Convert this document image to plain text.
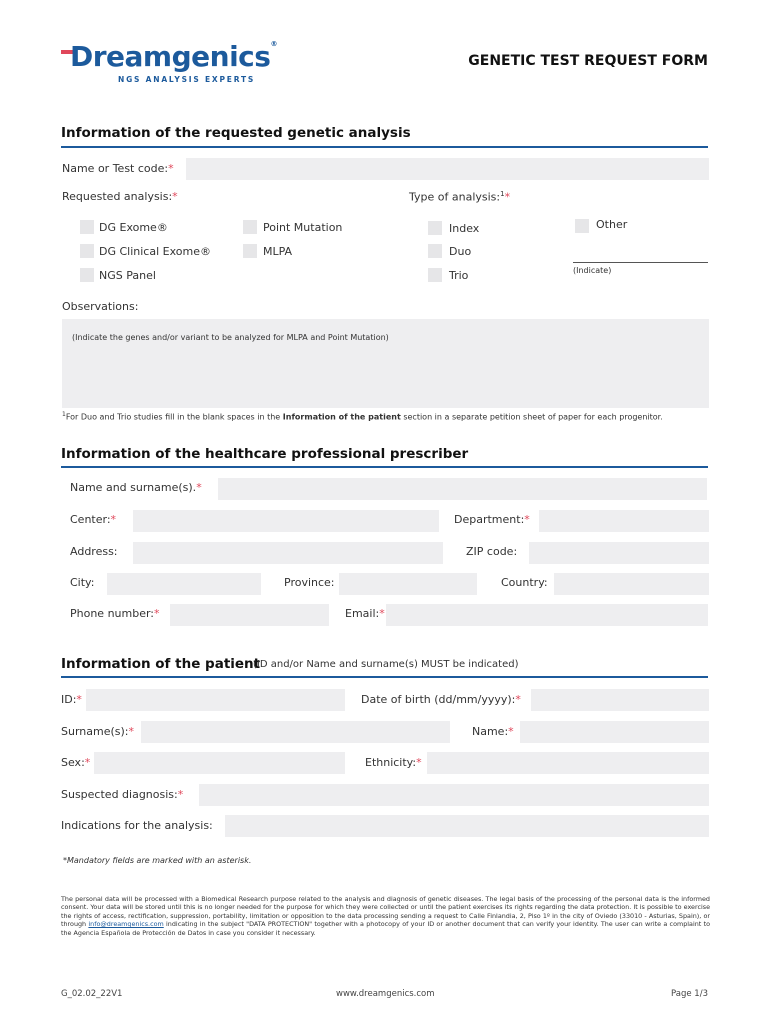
Dreamgenics®
NGS ANALYSIS EXPERTS
GENETIC TEST REQUEST FORM
Information of the requested genetic analysis
Name or Test code:*
Requested analysis:*	Type of analysis:$^1$*
DG Exome®
DG Clinical Exome®
NGS Panel
Point Mutation
MLPA
Index
Duo
Trio
Other
(Indicate)
Observations:
(Indicate the genes and/or variant to be analyzed for MLPA and Point Mutation)
$^1$For Duo and Trio studies fill in the blank spaces in the Information of the patient section in a separate petition sheet of paper for each progenitor.
Information of the healthcare professional prescriber
Name and surname(s).*
Center:*	Department:*
Address:	ZIP code:
City:	Province:	Country:
Phone number:*	Email:*
Information of the patient
(ID and/or Name and surname(s) MUST be indicated)
ID:*	Date of birth (dd/mm/yyyy):*
Surname(s):*	Name:*
Sex:*	Ethnicity:*
Suspected diagnosis:*
Indications for the analysis:
*Mandatory fields are marked with an asterisk.
The personal data will be processed with a Biomedical Research purpose related to the analysis and diagnosis of genetic diseases. The legal basis of the processing of the personal data is the informed consent. Your data will be stored until this is no longer needed for the purpose for which they were collected or until the patient exercises its rights regarding the data protection. It is possible to exercise the rights of access, rectification, suppression, portability, limitation or opposition to the data processing sending a request to Calle Finlandia, 2, Piso 1º in the city of Oviedo (33010 - Asturias, Spain), or through info@dreamgenics.com indicating in the subject "DATA PROTECTION" together with a photocopy of your ID or another document that can verify your identity. The user can write a complaint to the Agencia Española de Protección de Datos in case you consider it necessary.
G_02.02_22V1	www.dreamgenics.com	Page 1/3
